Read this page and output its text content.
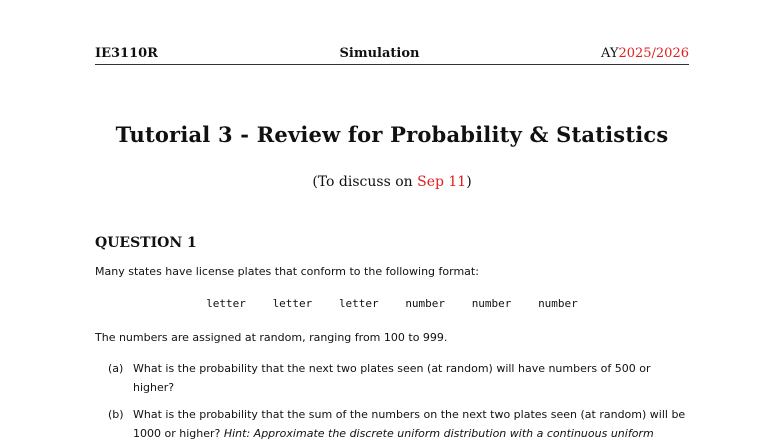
IE3110R	Simulation	AY2025/2026
Tutorial 3 - Review for Probability & Statistics
(To discuss on Sep 11)
QUESTION 1
Many states have license plates that conform to the following format:
letter letter letter number number number
The numbers are assigned at random, ranging from 100 to 999.
(a) What is the probability that the next two plates seen (at random) will have numbers of 500 or higher?
(b) What is the probability that the sum of the numbers on the next two plates seen (at random) will be 1000 or higher? Hint: Approximate the discrete uniform distribution with a continuous uniform
